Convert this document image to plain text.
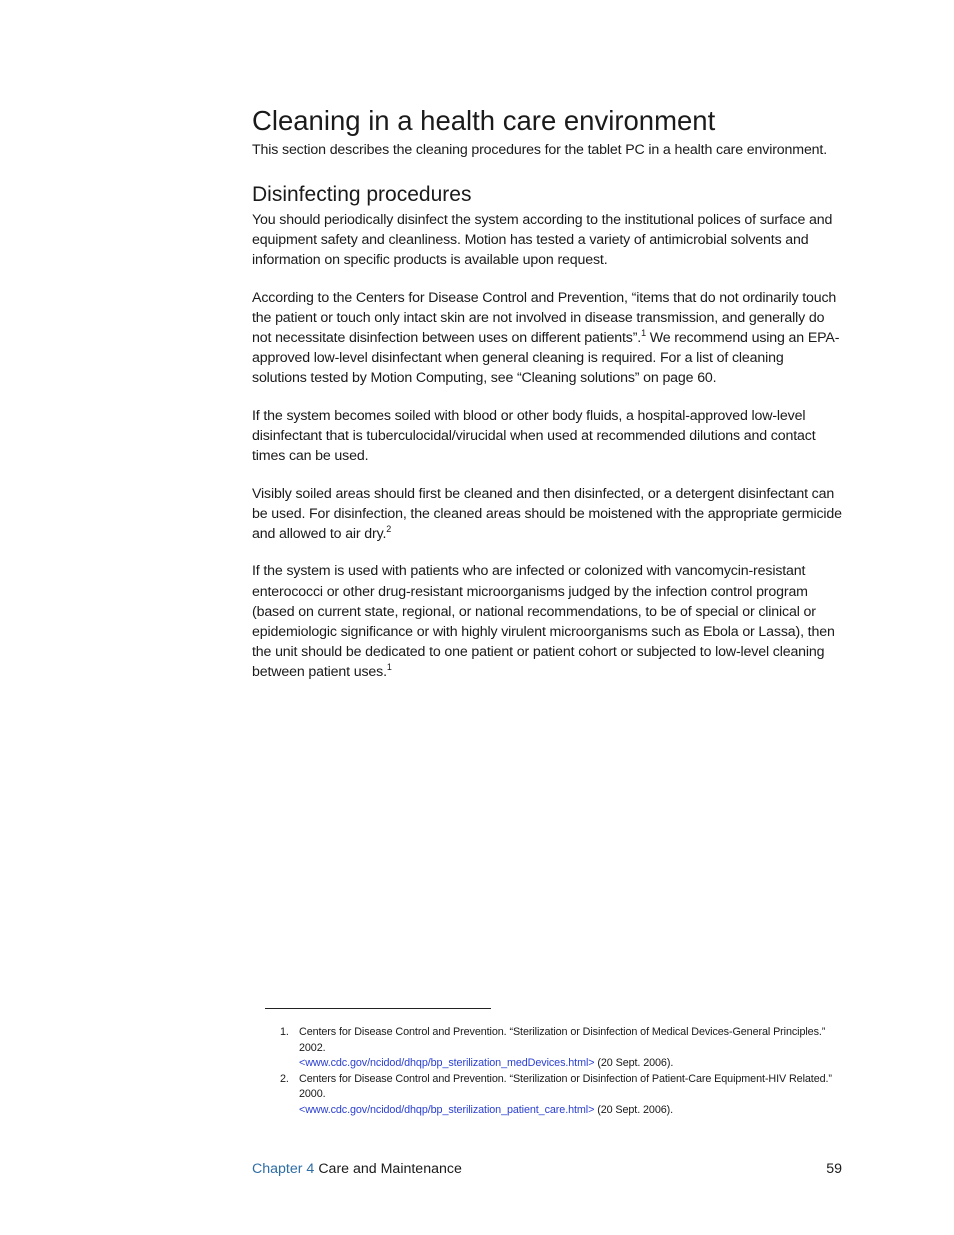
Cleaning in a health care environment

This section describes the cleaning procedures for the tablet PC in a health care environment.

Disinfecting procedures

You should periodically disinfect the system according to the institutional polices of surface and equipment safety and cleanliness. Motion has tested a variety of antimicrobial solvents and information on specific products is available upon request.

According to the Centers for Disease Control and Prevention, “items that do not ordinarily touch the patient or touch only intact skin are not involved in disease transmission, and generally do not necessitate disinfection between uses on different patients”.$^1$ We recommend using an EPA-approved low-level disinfectant when general cleaning is required. For a list of cleaning solutions tested by Motion Computing, see “Cleaning solutions” on page 60.

If the system becomes soiled with blood or other body fluids, a hospital-approved low-level disinfectant that is tuberculocidal/virucidal when used at recommended dilutions and contact times can be used.

Visibly soiled areas should first be cleaned and then disinfected, or a detergent disinfectant can be used. For disinfection, the cleaned areas should be moistened with the appropriate germicide and allowed to air dry.$^2$

If the system is used with patients who are infected or colonized with vancomycin-resistant enterococci or other drug-resistant microorganisms judged by the infection control program (based on current state, regional, or national recommendations, to be of special or clinical or epidemiologic significance or with highly virulent microorganisms such as Ebola or Lassa), then the unit should be dedicated to one patient or patient cohort or subjected to low-level cleaning between patient uses.$^1$

1. Centers for Disease Control and Prevention. “Sterilization or Disinfection of Medical Devices-General Principles.” 2002.
<www.cdc.gov/ncidod/dhqp/bp_sterilization_medDevices.html> (20 Sept. 2006).
2. Centers for Disease Control and Prevention. “Sterilization or Disinfection of Patient-Care Equipment-HIV Related.” 2000.
<www.cdc.gov/ncidod/dhqp/bp_sterilization_patient_care.html> (20 Sept. 2006).
Chapter 4 Care and Maintenance	59
